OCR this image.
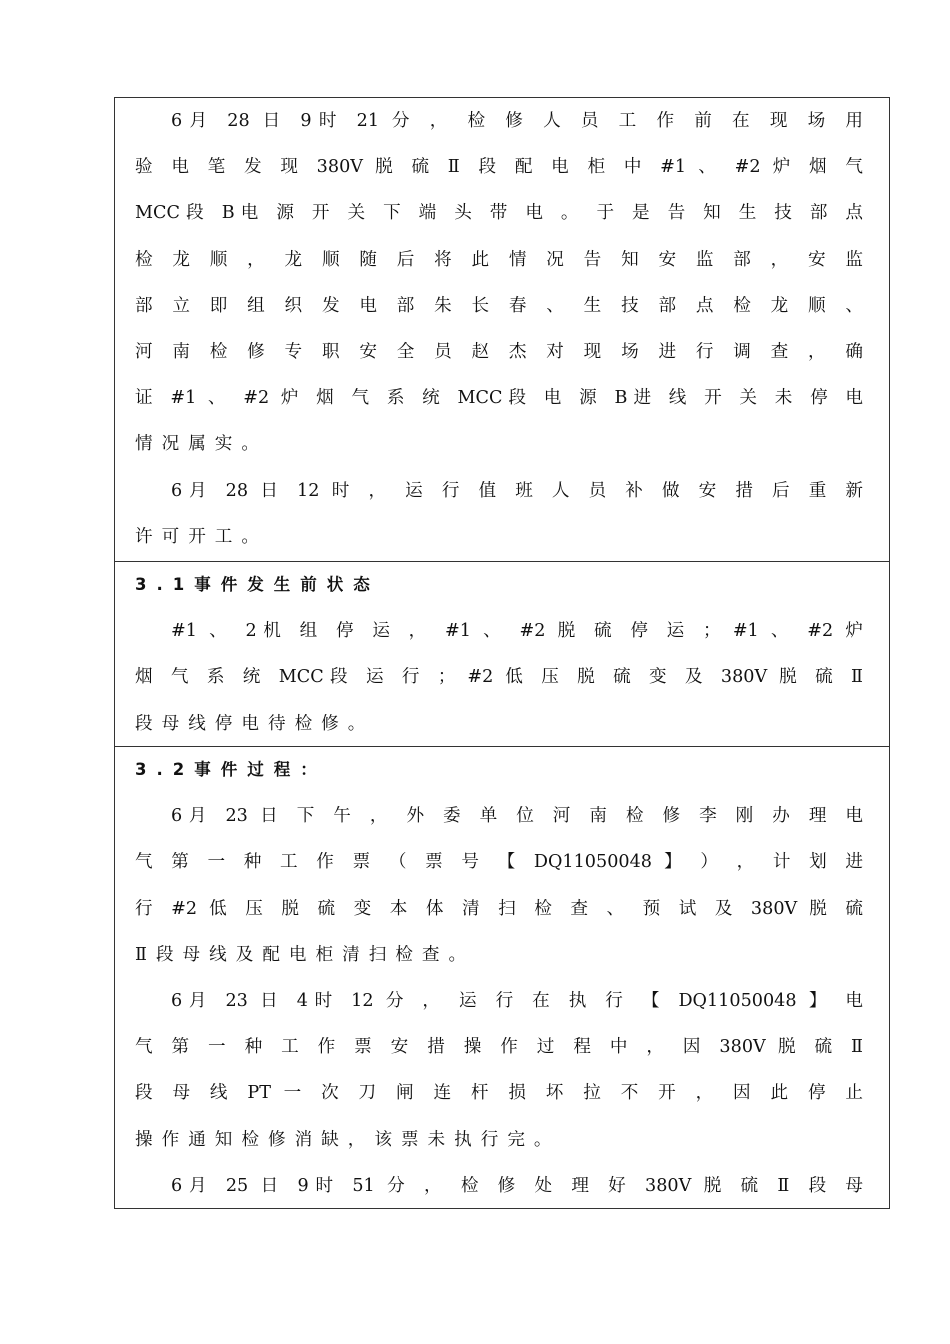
6月 28 日 9时 21 分 ， 检 修 人 员 工 作 前 在 现 场 用
验 电 笔 发 现 380V 脱 硫 Ⅱ 段 配 电 柜 中 #1 、 #2 炉 烟 气
MCC段 B电 源 开 关 下 端 头 带 电 。 于 是 告 知 生 技 部 点
检 龙 顺 ， 龙 顺 随 后 将 此 情 况 告 知 安 监 部 ， 安 监
部 立 即 组 织 发 电 部 朱 长 春 、 生 技 部 点 检 龙 顺 、
河 南 检 修 专 职 安 全 员 赵 杰 对 现 场 进 行 调 查 ， 确
证 #1 、 #2 炉 烟 气 系 统 MCC段 电 源 B进 线 开 关 未 停 电
情况属实。
6月 28 日 12 时 ， 运 行 值 班 人 员 补 做 安 措 后 重 新
许可开工。
3.1事件发生前状态
#1 、 2机 组 停 运 ， #1 、 #2 脱 硫 停 运 ； #1 、 #2 炉
烟 气 系 统 MCC段 运 行 ； #2 低 压 脱 硫 变 及 380V 脱 硫 Ⅱ
段母线停电待检修。
3.2事件过程：
6月 23 日 下 午 ， 外 委 单 位 河 南 检 修 李 刚 办 理 电
气 第 一 种 工 作 票 （ 票 号 【 DQ11050048 】 ） ， 计 划 进
行 #2 低 压 脱 硫 变 本 体 清 扫 检 查 、 预 试 及 380V 脱 硫
Ⅱ段母线及配电柜清扫检查。
6月 23 日 4时 12 分 ， 运 行 在 执 行 【 DQ11050048 】 电
气 第 一 种 工 作 票 安 措 操 作 过 程 中 ， 因 380V 脱 硫 Ⅱ
段 母 线 PT 一 次 刀 闸 连 杆 损 坏 拉 不 开 ， 因 此 停 止
操作通知检修消缺，该票未执行完。
6月 25 日 9时 51 分 ， 检 修 处 理 好 380V 脱 硫 Ⅱ 段 母
